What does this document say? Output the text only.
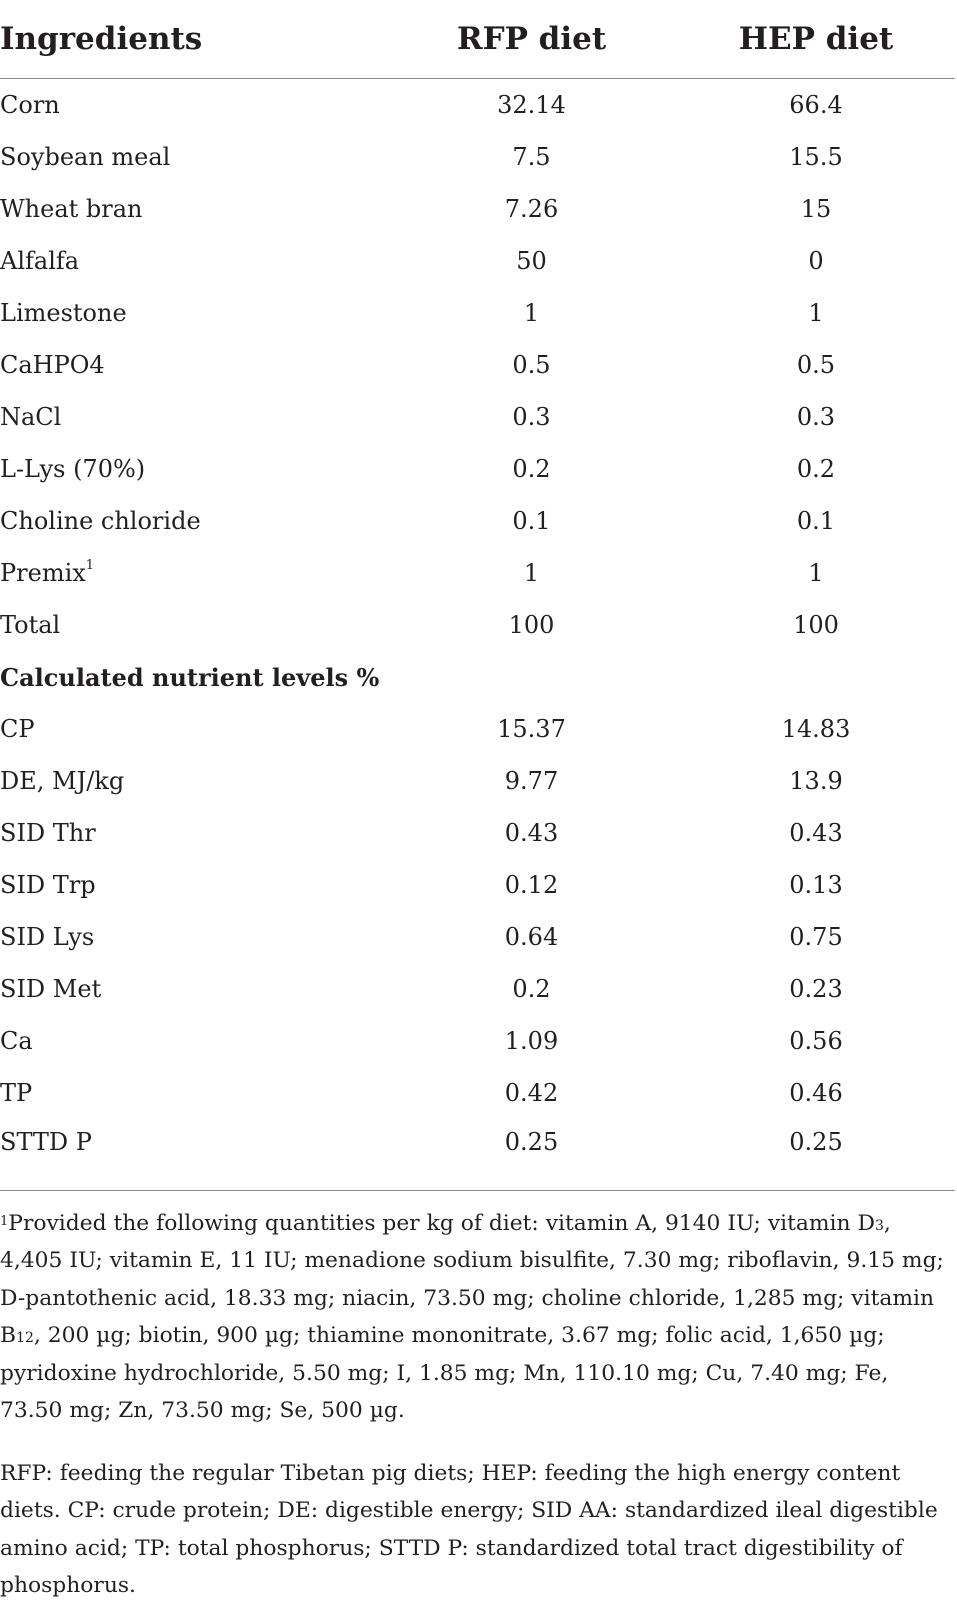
Ingredients	RFP diet	HEP diet
Corn	32.14	66.4
Soybean meal	7.5	15.5
Wheat bran	7.26	15
Alfalfa	50	0
Limestone	1	1
CaHPO4	0.5	0.5
NaCl	0.3	0.3
L-Lys (70%)	0.2	0.2
Choline chloride	0.1	0.1
Premix$^1$	1	1
Total	100	100
Calculated nutrient levels %		
CP	15.37	14.83
DE, MJ/kg	9.77	13.9
SID Thr	0.43	0.43
SID Trp	0.12	0.13
SID Lys	0.64	0.75
SID Met	0.2	0.23
Ca	1.09	0.56
TP	0.42	0.46
STTD P	0.25	0.25

$^1$Provided the following quantities per kg of diet: vitamin A, 9140 IU; vitamin $D_3$, 4,405 IU; vitamin E, 11 IU; menadione sodium bisulfite, 7.30 mg; riboflavin, 9.15 mg; D-pantothenic acid, 18.33 mg; niacin, 73.50 mg; choline chloride, 1,285 mg; vitamin $B_{12}$, 200 µg; biotin, 900 µg; thiamine mononitrate, 3.67 mg; folic acid, 1,650 µg; pyridoxine hydrochloride, 5.50 mg; I, 1.85 mg; Mn, 110.10 mg; Cu, 7.40 mg; Fe, 73.50 mg; Zn, 73.50 mg; Se, 500 µg.

RFP: feeding the regular Tibetan pig diets; HEP: feeding the high energy content diets. CP: crude protein; DE: digestible energy; SID AA: standardized ileal digestible amino acid; TP: total phosphorus; STTD P: standardized total tract digestibility of phosphorus.
